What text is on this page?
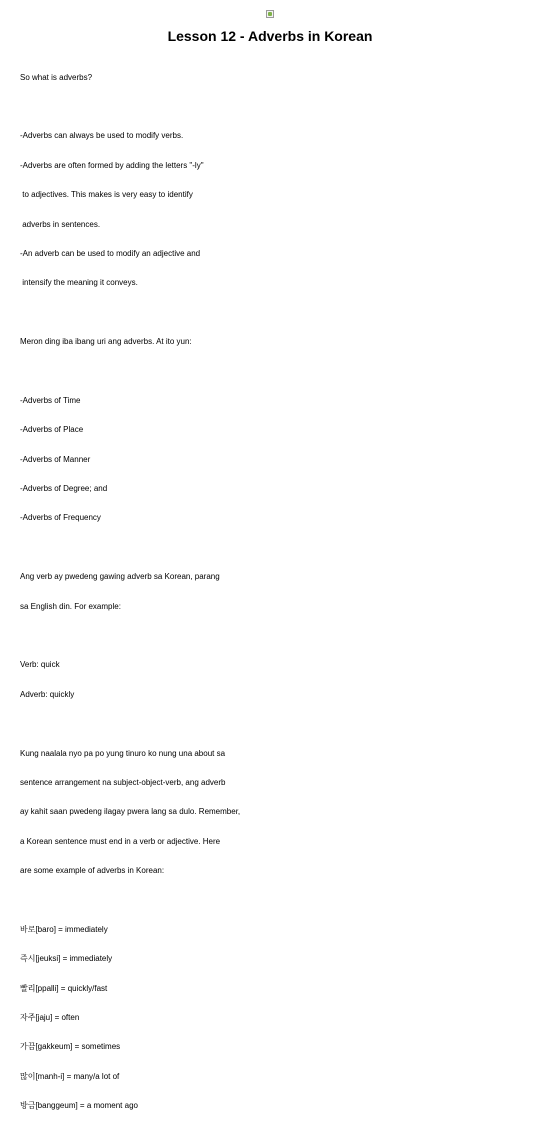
Lesson 12 - Adverbs in Korean

So what is adverbs?

-Adverbs can always be used to modify verbs.

-Adverbs are often formed by adding the letters "-ly"

to adjectives. This makes is very easy to identify

adverbs in sentences.

-An adverb can be used to modify an adjective and

intensify the meaning it conveys.

Meron ding iba ibang uri ang adverbs. At ito yun:

-Adverbs of Time

-Adverbs of Place

-Adverbs of Manner

-Adverbs of Degree; and

-Adverbs of Frequency

Ang verb ay pwedeng gawing adverb sa Korean, parang

sa English din. For example:

Verb: quick

Adverb: quickly

Kung naalala nyo pa po yung tinuro ko nung una about sa

sentence arrangement na subject-object-verb, ang adverb

ay kahit saan pwedeng ilagay pwera lang sa dulo. Remember,

a Korean sentence must end in a verb or adjective. Here

are some example of adverbs in Korean:

바로[baro] = immediately

즉시[jeuksi] = immediately

빨리[ppalli] = quickly/fast

자주[jaju] = often

가끔[gakkeum] = sometimes

많이[manh-i] = many/a lot of

방금[banggeum] = a moment ago
